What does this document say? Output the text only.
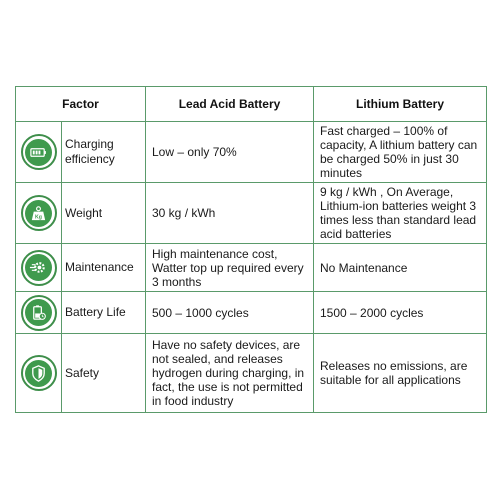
Factor		Lead Acid Battery	Lithium Battery

	Charging efficiency	Low – only 70%	Fast charged – 100% of capacity, A lithium battery can be charged 50% in just 30 minutes

Kg	Weight	30 kg / kWh	9 kg / kWh , On Average, Lithium-ion batteries weight 3 times less than standard lead acid batteries

	Maintenance	High maintenance cost, Watter top up required every 3 months	No Maintenance

	Battery Life	500 – 1000 cycles	1500 – 2000 cycles

	Safety	Have no safety devices, are not sealed, and releases hydrogen during charging, in fact, the use is not permitted in food industry	Releases no emissions, are suitable for all applications
